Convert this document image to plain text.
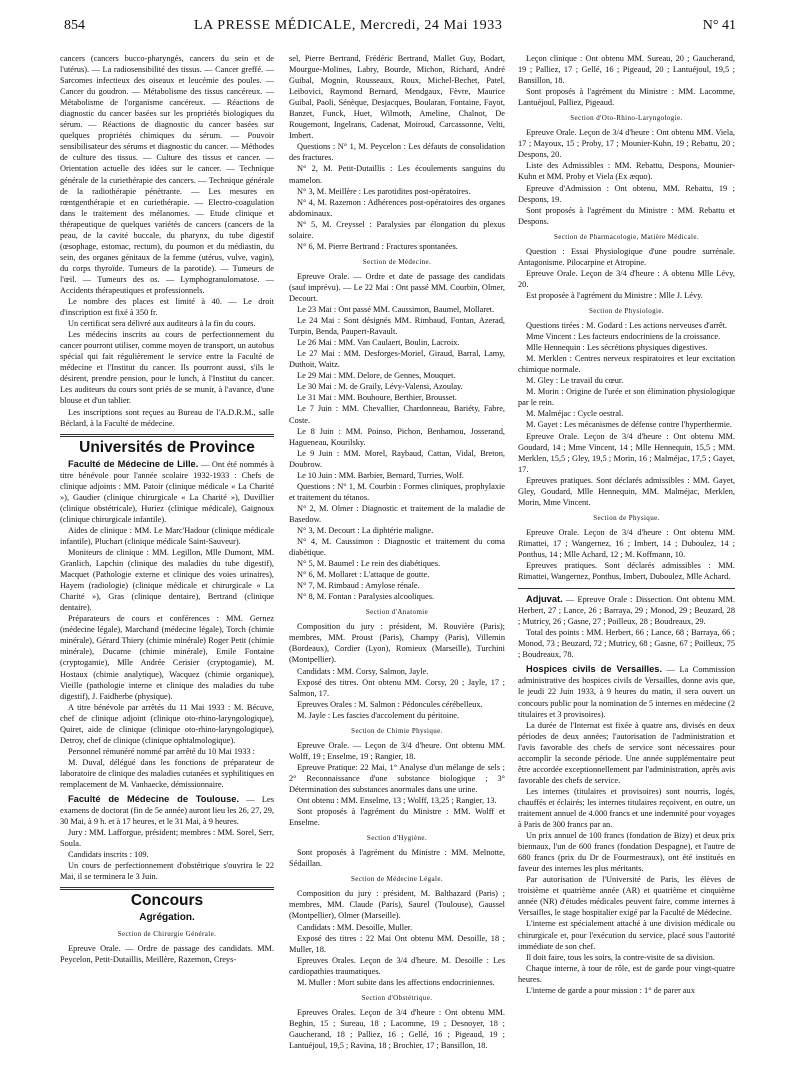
854	LA PRESSE MÉDICALE, Mercredi, 24 Mai 1933	N° 41

cancers (cancers bucco-pharyngés, cancers du sein et de l'utérus). — La radiosensibilité des tissus. — Cancer greffé. — Sarcomes infectieux des oiseaux et leucémie des poules. — Cancer du goudron. — Métabolisme des tissus cancéreux. — Métabolisme de l'organisme cancéreux. — Réactions de diagnostic du cancer basées sur les propriétés biologiques du sérum. — Réactions de diagnostic du cancer basées sur quelques propriétés chimiques du sérum. — Pouvoir sensibilisateur des sérums et diagnostic du cancer. — Méthodes de culture des tissus. — Culture des tissus et cancer. — Orientation actuelle des idées sur le cancer. — Technique générale de la curiethérapie des cancers. — Technique générale de la radiothérapie pénétrante. — Les mesures en rœntgenthérapie et en curiethérapie. — Electro-coagulation dans le traitement des mélanomes. — Etude clinique et thérapeutique de quelques variétés de cancers (cancers de la peau, de la cavité buccale, du pharynx, du tube digestif (œsophage, estomac, rectum), du poumon et du médiastin, du sein, des organes génitaux de la femme (utérus, vulve, vagin), du corps thyroïde. Tumeurs de la parotide). — Tumeurs de l'œil. — Tumeurs des os. — Lymphogranulomatose. — Accidents thérapeutiques et professionnels.

Le nombre des places est limité à 40. — Le droit d'inscription est fixé à 350 fr.

Un certificat sera délivré aux auditeurs à la fin du cours.

Les médecins inscrits au cours de perfectionnement du cancer pourront utiliser, comme moyen de transport, un autobus spécial qui fait régulièrement le service entre la Faculté de médecine et l'Institut du cancer. Ils pourront aussi, s'ils le désirent, prendre pension, pour le lunch, à l'Institut du cancer. Les auditeurs du cours sont priés de se munir, à l'avance, d'une blouse et d'un tablier.

Les inscriptions sont reçues au Bureau de l'A.D.R.M., salle Béclard, à la Faculté de médecine.

Universités de Province

Faculté de Médecine de Lille. — Ont été nommés à titre bénévole pour l'année scolaire 1932-1933 : Chefs de clinique adjoints : MM. Patoir (clinique médicale « La Charité »), Gaudier (clinique chirurgicale « La Charité »), Duvillier (clinique obstétricale), Huriez (clinique médicale), Gaignoux (clinique chirurgicale infantile).

Aides de clinique : MM. Le Marc'Hadour (clinique médicale infantile), Pluchart (clinique médicale Saint-Sauveur).

Moniteurs de clinique : MM. Legillon, Mlle Dumont, MM. Granlich, Lapchin (clinique des maladies du tube digestif), Macquet (Pathologie externe et clinique des voies urinaires), Hayem (radiologie) (clinique médicale et chirurgicale « La Charité »), Gras (clinique dentaire), Bertrand (clinique dentaire).

Préparateurs de cours et conférences : MM. Gernez (médecine légale), Marchand (médecine légale), Torch (chimie minérale), Gérard Thiery (chimie minérale) Roger Petit (chimie minérale), Ducarne (chimie minérale), Emile Fontaine (cryptogamie), Mlle Andrée Cerisier (cryptogamie), M. Hostaux (chimie analytique), Wacquez (chimie organique), Vieille (pathologie interne et clinique des maladies du tube digestif), J. Faidherbe (physique).

A titre bénévole par arrêtés du 11 Mai 1933 : M. Bécuve, chef de clinique adjoint (clinique oto-rhino-laryngologique), Quiret, aide de clinique (clinique oto-rhino-laryngologique), Detroy, chef de clinique (clinique ophtalmologique).

Personnel rémunéré nommé par arrêté du 10 Mai 1933 :

M. Duval, délégué dans les fonctions de préparateur de laboratoire de clinique des maladies cutanées et syphilitiques en remplacement de M. Vanhaecke, démissionnaire.

Faculté de Médecine de Toulouse. — Les examens de doctorat (fin de 5e année) auront lieu les 26, 27, 29, 30 Mai, à 9 h. et à 17 heures, et le 31 Mai, à 9 heures.

Jury : MM. Lafforgue, président; membres : MM. Sorel, Serr, Soula.

Candidats inscrits : 109.

Un cours de perfectionnement d'obstétrique s'ouvrira le 22 Mai, il se terminera le 3 Juin.

Concours
Agrégation.
Section de Chirurgie Générale.

Epreuve Orale. — Ordre de passage des candidats. MM. Peycelon, Petit-Dutaillis, Meillère, Razemon, Creys-

sel, Pierre Bertrand, Frédéric Bertrand, Mallet Guy, Bodart, Mourgue-Molines, Labry, Bourde, Michon, Richard, André Guibal, Mognin, Rousseaux, Roux, Michel-Bechet, Patel, Leibovici, Raymond Bernard, Mendgaux, Fèvre, Maurice Guibal, Paoli, Sénèque, Desjacques, Boularan, Fontaine, Fayot, Banzet, Funck, Huet, Wilmoth, Ameline, Chalnot, De Rougemont, Ingelrans, Cadenat, Moiroud, Carcassonne, Velti, Imbert.

Questions : N° 1, M. Peycelon : Les défauts de consolidation des fractures.

N° 2, M. Petit-Dutaillis : Les écoulements sanguins du mamelon.

N° 3, M. Meillère : Les parotidites post-opératoires.

N° 4, M. Razemon : Adhérences post-opératoires des organes abdominaux.

N° 5, M. Creyssel : Paralysies par élongation du plexus solaire.

N° 6, M. Pierre Bertrand : Fractures spontanées.

Section de Médecine.

Epreuve Orale. — Ordre et date de passage des candidats (sauf imprévu). — Le 22 Mai : Ont passé MM. Courbin, Olmer, Decourt.

Le 23 Mai : Ont passé MM. Caussimon, Baumel, Mollaret.

Le 24 Mai : Sont désignés MM. Rimbaud, Fontan, Azerad, Turpin, Benda, Paupert-Ravault.

Le 26 Mai : MM. Van Caulaert, Boulin, Lacroix.

Le 27 Mai : MM. Desforges-Moriel, Giraud, Barral, Lamy, Duthoit, Waitz.

Le 29 Mai : MM. Delore, de Gennes, Mouquet.

Le 30 Mai : M. de Graily, Lévy-Valensi, Azoulay.

Le 31 Mai : MM. Bouhoure, Berthier, Brousset.

Le 7 Juin : MM. Chevallier, Chardonneau, Bariéty, Fabre, Coste.

Le 8 Juin : MM. Poinso, Pichon, Benhamou, Josserand, Hagueneau, Kourilsky.

Le 9 Juin : MM. Morel, Raybaud, Cattan, Vidal, Breton, Doubrow.

Le 10 Juin : MM. Barbier, Bernard, Turries, Wolf.

Questions : N° 1, M. Courbin : Formes cliniques, prophylaxie et traitement du tétanos.

N° 2, M. Olmer : Diagnostic et traitement de la maladie de Basedow.

N° 3, M. Decourt : La diphtérie maligne.

N° 4, M. Caussimon : Diagnostic et traitement du coma diabétique.

N° 5, M. Baumel : Le rein des diabétiques.

N° 6, M. Mollaret : L'attaque de goutte.

N° 7, M. Rimbaud : Amylose rénale.

N° 8, M. Fontan : Paralysies alcooliques.

Section d'Anatomie

Composition du jury : président, M. Rouvière (Paris); membres, MM. Proust (Paris), Champy (Paris), Villemin (Bordeaux), Cordier (Lyon), Romieux (Marseille), Turchini (Montpellier).

Candidats : MM. Corsy, Salmon, Jayle.

Exposé des titres. Ont obtenu MM. Corsy, 20 ; Jayle, 17 ; Salmon, 17.

Epreuves Orales : M. Salmon : Pédoncules cérébelleux.

M. Jayle : Les fascies d'accolement du péritoine.

Section de Chimie Physique.

Epreuve Orale. — Leçon de 3/4 d'heure. Ont obtenu MM. Wolff, 19 ; Enselme, 19 ; Rangier, 18.

Epreuve Pratique: 22 Mai, 1° Analyse d'un mélange de sels ; 2° Reconnaissance d'une substance biologique ; 3° Détermination des substances anormales dans une urine.

Ont obtenu : MM. Enselme, 13 ; Wolff, 13,25 ; Rangier, 13.

Sont proposés à l'agrément du Ministre : MM. Wolff et Enselme.

Section d'Hygiène.

Sont proposés à l'agrément du Ministre : MM. Melnotte, Sédaillan.

Section de Médecine Légale.

Composition du jury : président, M. Balthazard (Paris) ; membres, MM. Claude (Paris), Saurel (Toulouse), Gaussel (Montpellier), Olmer (Marseille).

Candidats : MM. Desoille, Muller.

Exposé des titres : 22 Mai Ont obtenu MM. Desoille, 18 ; Muller, 18.

Epreuves Orales. Leçon de 3/4 d'heure. M. Desoille : Les cardiopathies traumatiques.

M. Muller : Mort subite dans les affections endocriniennes.

Section d'Obstétrique.

Epreuves Orales. Leçon de 3/4 d'heure : Ont obtenu MM. Beghin, 15 ; Sureau, 18 ; Lacomme, 19 ; Desnoyer, 18 ; Gaucherand, 18 ; Palliez, 16 ; Gellé, 16 ; Pigeaud, 19 ; Lantuéjoul, 19,5 ; Ravina, 18 ; Brochier, 17 ; Bansillon, 18.

Leçon clinique : Ont obtenu MM. Sureau, 20 ; Gaucherand, 19 ; Palliez, 17 ; Gellé, 16 ; Pigeaud, 20 ; Lantuéjoul, 19,5 ; Bansillon, 18.

Sont proposés à l'agrément du Ministre : MM. Lacomme, Lantuéjoul, Palliez, Pigeaud.

Section d'Oto-Rhino-Laryngologie.

Epreuve Orale. Leçon de 3/4 d'heure : Ont obtenu MM. Viela, 17 ; Mayoux, 15 ; Proby, 17 ; Mounier-Kuhn, 19 ; Rebattu, 20 ; Despons, 20.

Liste des Admissibles : MM. Rebattu, Despons, Mounier-Kuhn et MM. Proby et Viela (Ex æquo).

Epreuve d'Admission : Ont obtenu, MM. Rebattu, 19 ; Despons, 19.

Sont proposés à l'agrément du Ministre : MM. Rebattu et Despons.

Section de Pharmacologie, Matière Médicale.

Question : Essai Physiologique d'une poudre surrénale. Antagonisme. Pilocarpine et Atropine.

Epreuve Orale. Leçon de 3/4 d'heure : A obtenu Mlle Lévy, 20.

Est proposée à l'agrément du Ministre : Mlle J. Lévy.

Section de Physiologie.

Questions tirées : M. Godard : Les actions nerveuses d'arrêt.

Mme Vincent : Les facteurs endocriniens de la croissance.

Mlle Hennequin : Les sécrétions physiques digestives.

M. Merklen : Centres nerveux respiratoires et leur excitation chimique normale.

M. Gley : Le travail du cœur.

M. Morin : Origine de l'urée et son élimination physiologique par le rein.

M. Malméjac : Cycle oestral.

M. Gayet : Les mécanismes de défense contre l'hyperthermie.

Epreuve Orale. Leçon de 3/4 d'heure : Ont obtenu MM. Goudard, 14 ; Mme Vincent, 14 ; Mlle Hennequin, 15,5 ; MM. Merklen, 15,5 ; Gley, 19,5 ; Morin, 16 ; Malméjac, 17,5 ; Gayet, 17.

Epreuves pratiques. Sont déclarés admissibles : MM. Gayet, Gley, Goudard, Mlle Hennequin, MM. Malméjac, Merklen, Morin, Mme Vincent.

Section de Physique.

Epreuve Orale. Leçon de 3/4 d'heure : Ont obtenu MM. Rimattei, 17 ; Wangernez, 16 ; Imbert, 14 ; Duboulez, 14 ; Ponthus, 14 ; Mlle Achard, 12 ; M. Koffmann, 10.

Epreuves pratiques. Sont déclarés admissibles : MM. Rimattei, Wangernez, Ponthus, Imbert, Duboulez, Mlle Achard.

Adjuvat. — Epreuve Orale : Dissection. Ont obtenu MM. Herbert, 27 ; Lance, 26 ; Barraya, 29 ; Monod, 29 ; Beuzard, 28 ; Mutricy, 26 ; Gasne, 27 ; Poilleux, 28 ; Boudreaux, 29.

Total des points : MM. Herbert, 66 ; Lance, 68 ; Barraya, 66 ; Monod, 73 ; Beuzard, 72 ; Mutricy, 68 ; Gasne, 67 ; Poilleux, 75 ; Boudreaux, 78.

Hospices civils de Versailles. — La Commission administrative des hospices civils de Versailles, donne avis que, le jeudi 22 Juin 1933, à 9 heures du matin, il sera ouvert un concours public pour la nomination de 5 internes en médecine (2 titulaires et 3 provisoires).

La durée de l'Internat est fixée à quatre ans, divisés en deux périodes de deux années; l'autorisation de l'administration et l'avis favorable des chefs de service sont nécessaires pour accomplir la seconde période. Une année supplémentaire peut être accordée exceptionnellement par l'administration, après avis favorable des chefs de service.

Les internes (titulaires et provisoires) sont nourris, logés, chauffés et éclairés; les internes titulaires reçoivent, en outre, un traitement annuel de 4.000 francs et une indemnité pour voyages à Paris de 300 francs par an.

Un prix annuel de 100 francs (fondation de Bizy) et deux prix biennaux, l'un de 600 francs (fondation Despagne), et l'autre de 680 francs (prix du Dr de Fourmestraux), ont été institués en faveur des internes les plus méritants.

Par autorisation de l'Université de Paris, les élèves de troisième et quatrième année (AR) et quatrième et cinquième année (NR) d'études médicales peuvent faire, comme internes à Versailles, le stage hospitalier exigé par la Faculté de Médecine.

L'interne est spécialement attaché à une division médicale ou chirurgicale et, pour l'exécution du service, placé sous l'autorité immédiate de son chef.

Il doit faire, tous les soirs, la contre-visite de sa division.

Chaque interne, à tour de rôle, est de garde pour vingt-quatre heures.

L'interne de garde a pour mission : 1° de parer aux
